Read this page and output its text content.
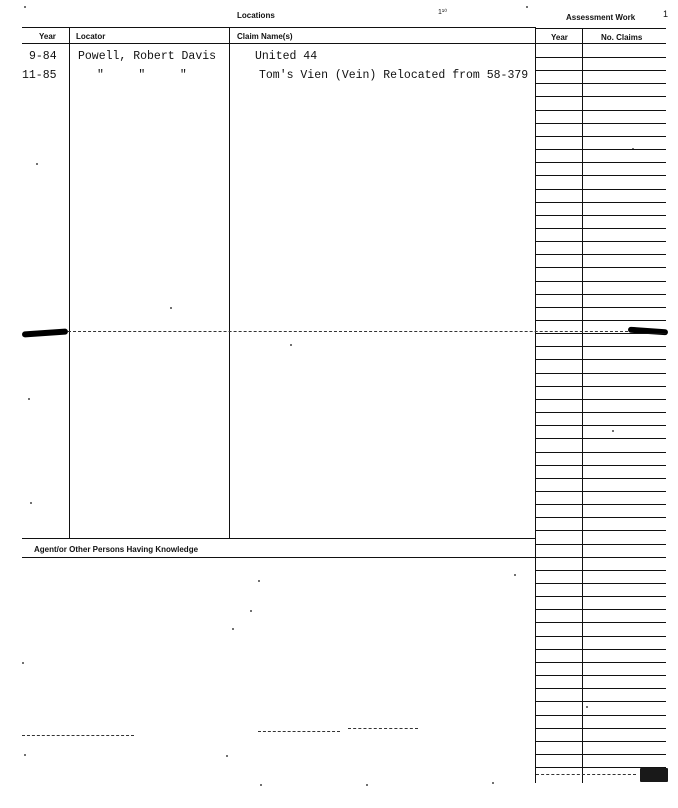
Locations	Assessment Work
1¹⁰	1
Year	Locator	Claim Name(s)	Year	No. Claims
9-84 Powell, Robert Davis	United 44
11-85	"     "     "	Tom's Vien (Vein) Relocated from 58-379
Agent/or Other Persons Having Knowledge
